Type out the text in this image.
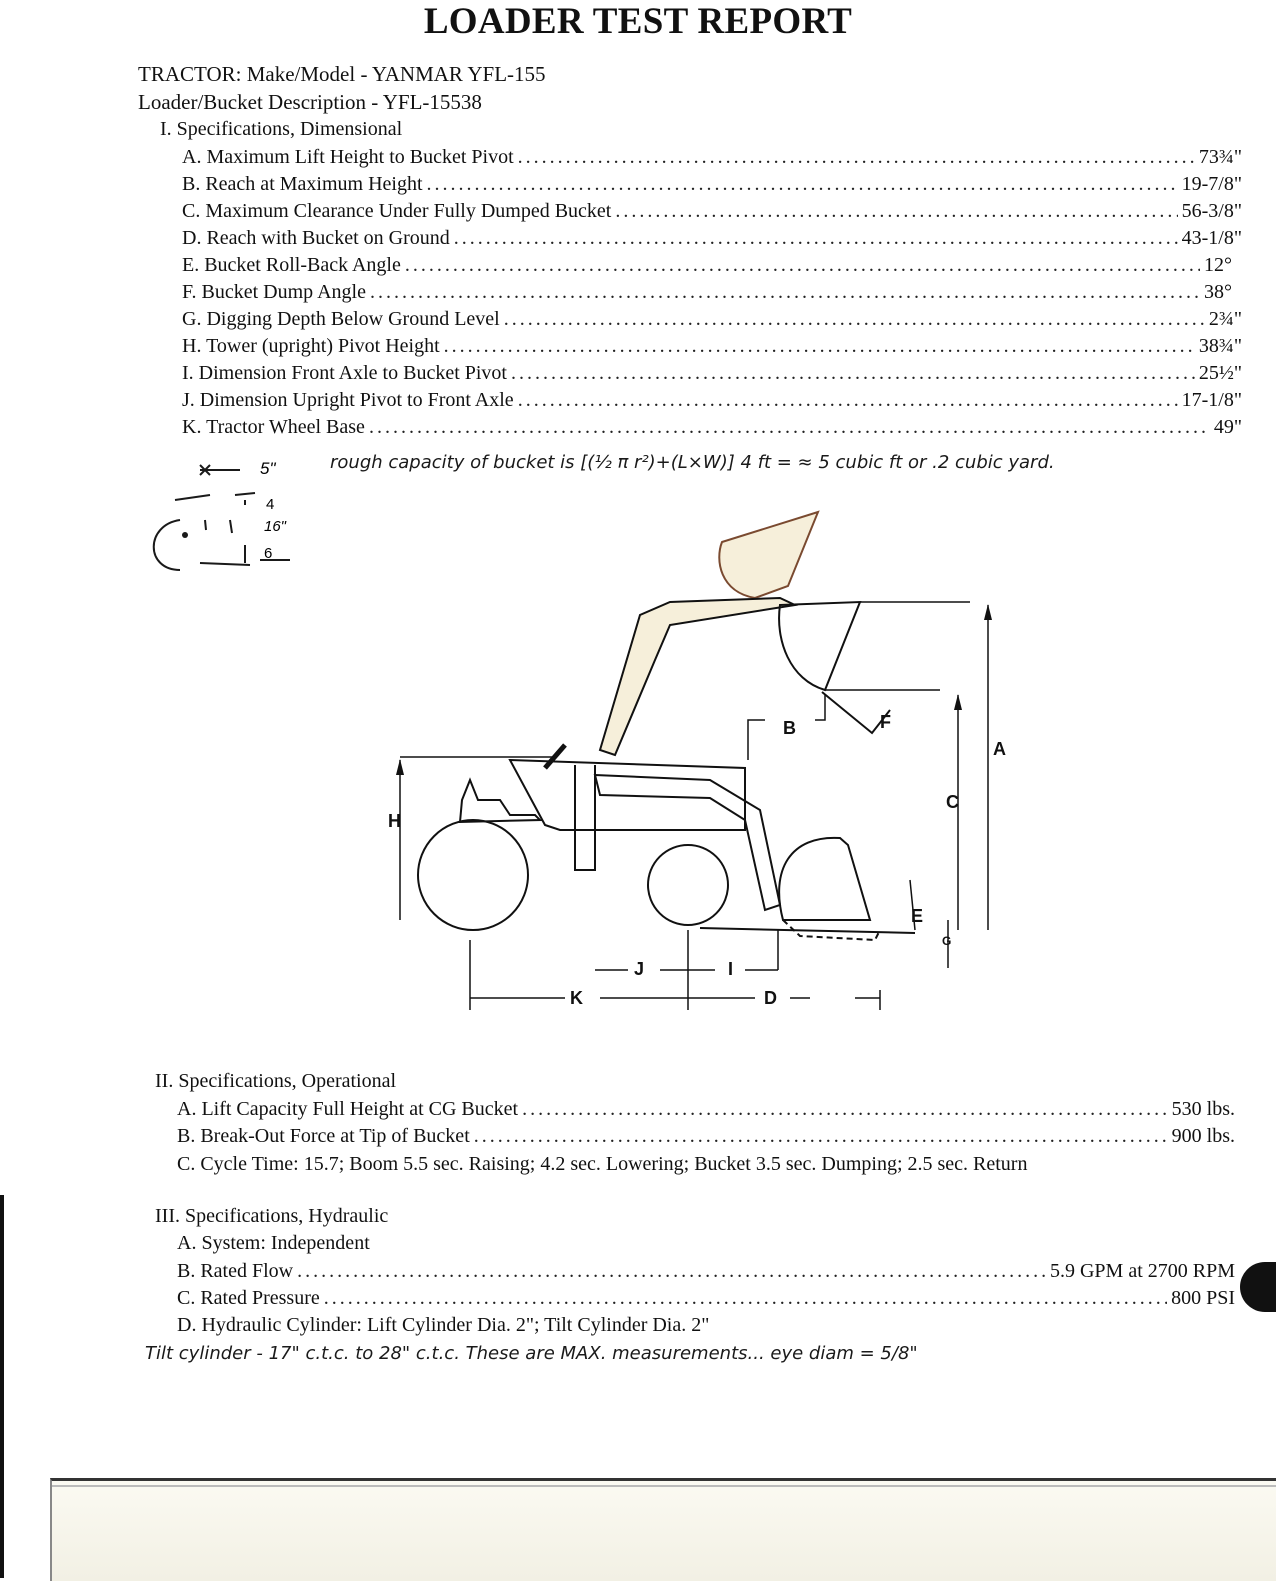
LOADER TEST REPORT
TRACTOR: Make/Model - YANMAR YFL-155
Loader/Bucket Description - YFL-15538
I. Specifications, Dimensional
A. Maximum Lift Height to Bucket Pivot .....	73¾"
B. Reach at Maximum Height .....	19-7/8"
C. Maximum Clearance Under Fully Dumped Bucket .....	56-3/8"
D. Reach with Bucket on Ground .....	43-1/8"
E. Bucket Roll-Back Angle .....	12°
F. Bucket Dump Angle .....	38°
G. Digging Depth Below Ground Level .....	2¾"
H. Tower (upright) Pivot Height .....	38¾"
I. Dimension Front Axle to Bucket Pivot .....	25½"
J. Dimension Upright Pivot to Front Axle .....	17-1/8"
K. Tractor Wheel Base .....	49"
rough capacity of bucket is [(½ π r²)+(L×W)] 4 ft = ≈ 5 cubic ft or .2 cubic yard.
5"
4
16"
6
A
B
C
D
E
F
G
H
I
J
K
II. Specifications, Operational
A. Lift Capacity Full Height at CG Bucket .....	530 lbs.
B. Break-Out Force at Tip of Bucket .....	900 lbs.
C. Cycle Time: 15.7; Boom 5.5 sec. Raising; 4.2 sec. Lowering; Bucket 3.5 sec. Dumping; 2.5 sec. Return
III. Specifications, Hydraulic
A. System: Independent
B. Rated Flow .....	5.9 GPM at 2700 RPM
C. Rated Pressure .....	800 PSI
D. Hydraulic Cylinder: Lift Cylinder Dia. 2"; Tilt Cylinder Dia. 2"
Tilt cylinder - 17" c.t.c. to 28" c.t.c. These are MAX. measurements... eye diam = 5/8"
